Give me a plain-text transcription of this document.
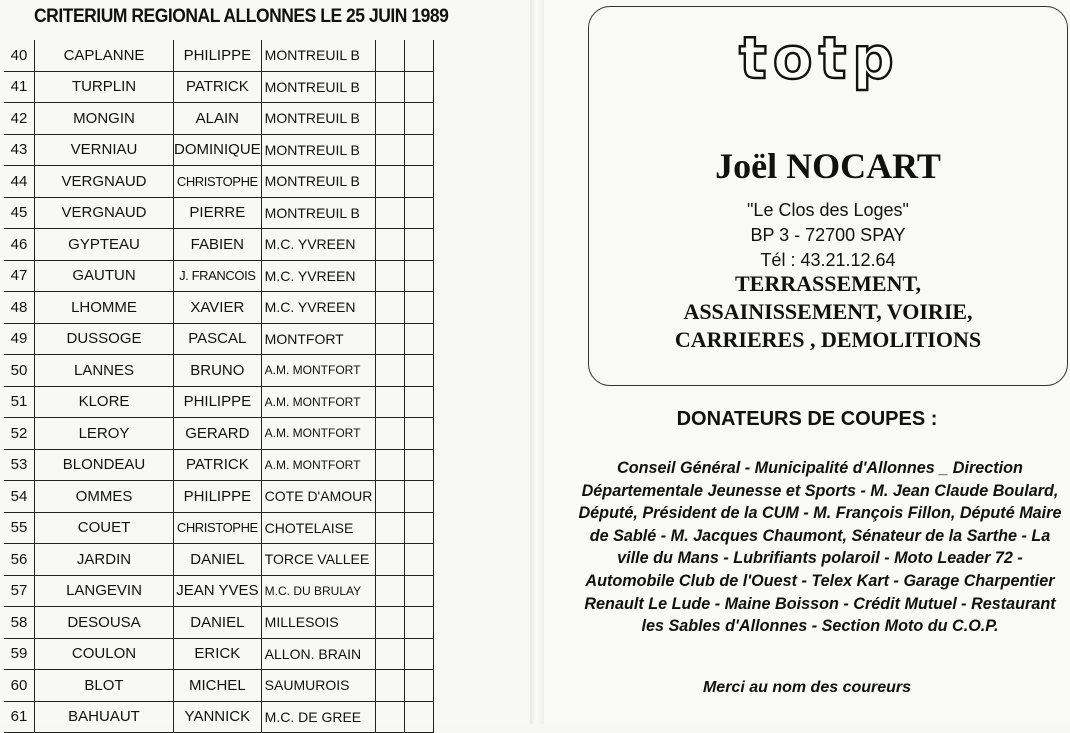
CRITERIUM REGIONAL ALLONNES LE 25 JUIN 1989
40	CAPLANNE	PHILIPPE	MONTREUIL B			
41	TURPLIN	PATRICK	MONTREUIL B			
42	MONGIN	ALAIN	MONTREUIL B			
43	VERNIAU	DOMINIQUE	MONTREUIL B			
44	VERGNAUD	CHRISTOPHE	MONTREUIL B			
45	VERGNAUD	PIERRE	MONTREUIL B			
46	GYPTEAU	FABIEN	M.C. YVREEN			
47	GAUTUN	J. FRANCOIS	M.C. YVREEN			
48	LHOMME	XAVIER	M.C. YVREEN			
49	DUSSOGE	PASCAL	MONTFORT			
50	LANNES	BRUNO	A.M. MONTFORT			
51	KLORE	PHILIPPE	A.M. MONTFORT			
52	LEROY	GERARD	A.M. MONTFORT			
53	BLONDEAU	PATRICK	A.M. MONTFORT			
54	OMMES	PHILIPPE	COTE D'AMOUR			
55	COUET	CHRISTOPHE	CHOTELAISE			
56	JARDIN	DANIEL	TORCE VALLEE			
57	LANGEVIN	JEAN YVES	M.C. DU BRULAY			
58	DESOUSA	DANIEL	MILLESOIS			
59	COULON	ERICK	ALLON. BRAIN			
60	BLOT	MICHEL	SAUMUROIS			
61	BAHUAUT	YANNICK	M.C. DE GREE			
totp
Joël NOCART
"Le Clos des Loges"
BP 3 - 72700 SPAY
Tél : 43.21.12.64
TERRASSEMENT,
ASSAINISSEMENT, VOIRIE,
CARRIERES , DEMOLITIONS
DONATEURS DE COUPES :
Conseil Général - Municipalité d'Allonnes _ Direction Départementale Jeunesse et Sports - M. Jean Claude Boulard, Député, Président de la CUM - M. François Fillon, Député Maire de Sablé - M. Jacques Chaumont, Sénateur de la Sarthe - La ville du Mans - Lubrifiants polaroil - Moto Leader 72 - Automobile Club de l'Ouest - Telex Kart - Garage Charpentier Renault Le Lude - Maine Boisson - Crédit Mutuel - Restaurant les Sables d'Allonnes - Section Moto du C.O.P.
Merci au nom des coureurs
